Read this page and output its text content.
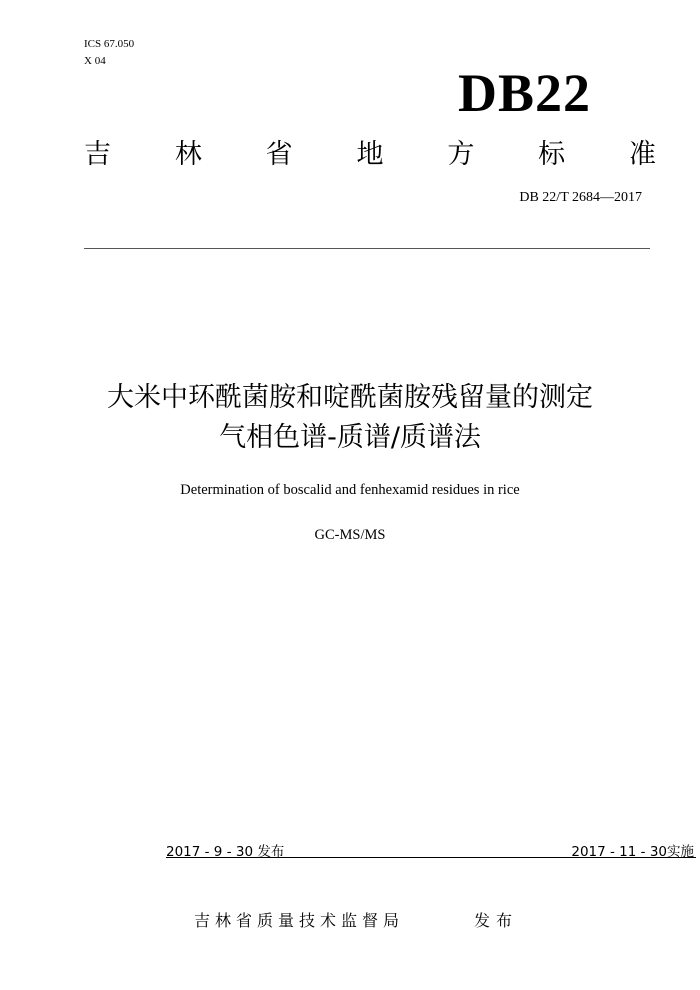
ICS 67.050
X 04
DB22
吉 林 省 地 方 标 准
DB 22/T 2684—2017
大米中环酰菌胺和啶酰菌胺残留量的测定
气相色谱-质谱/质谱法
Determination of boscalid and fenhexamid residues in rice
GC-MS/MS
2017 - 9 - 30 发布	2017 - 11 - 30实施
吉林省质量技术监督局	发布
